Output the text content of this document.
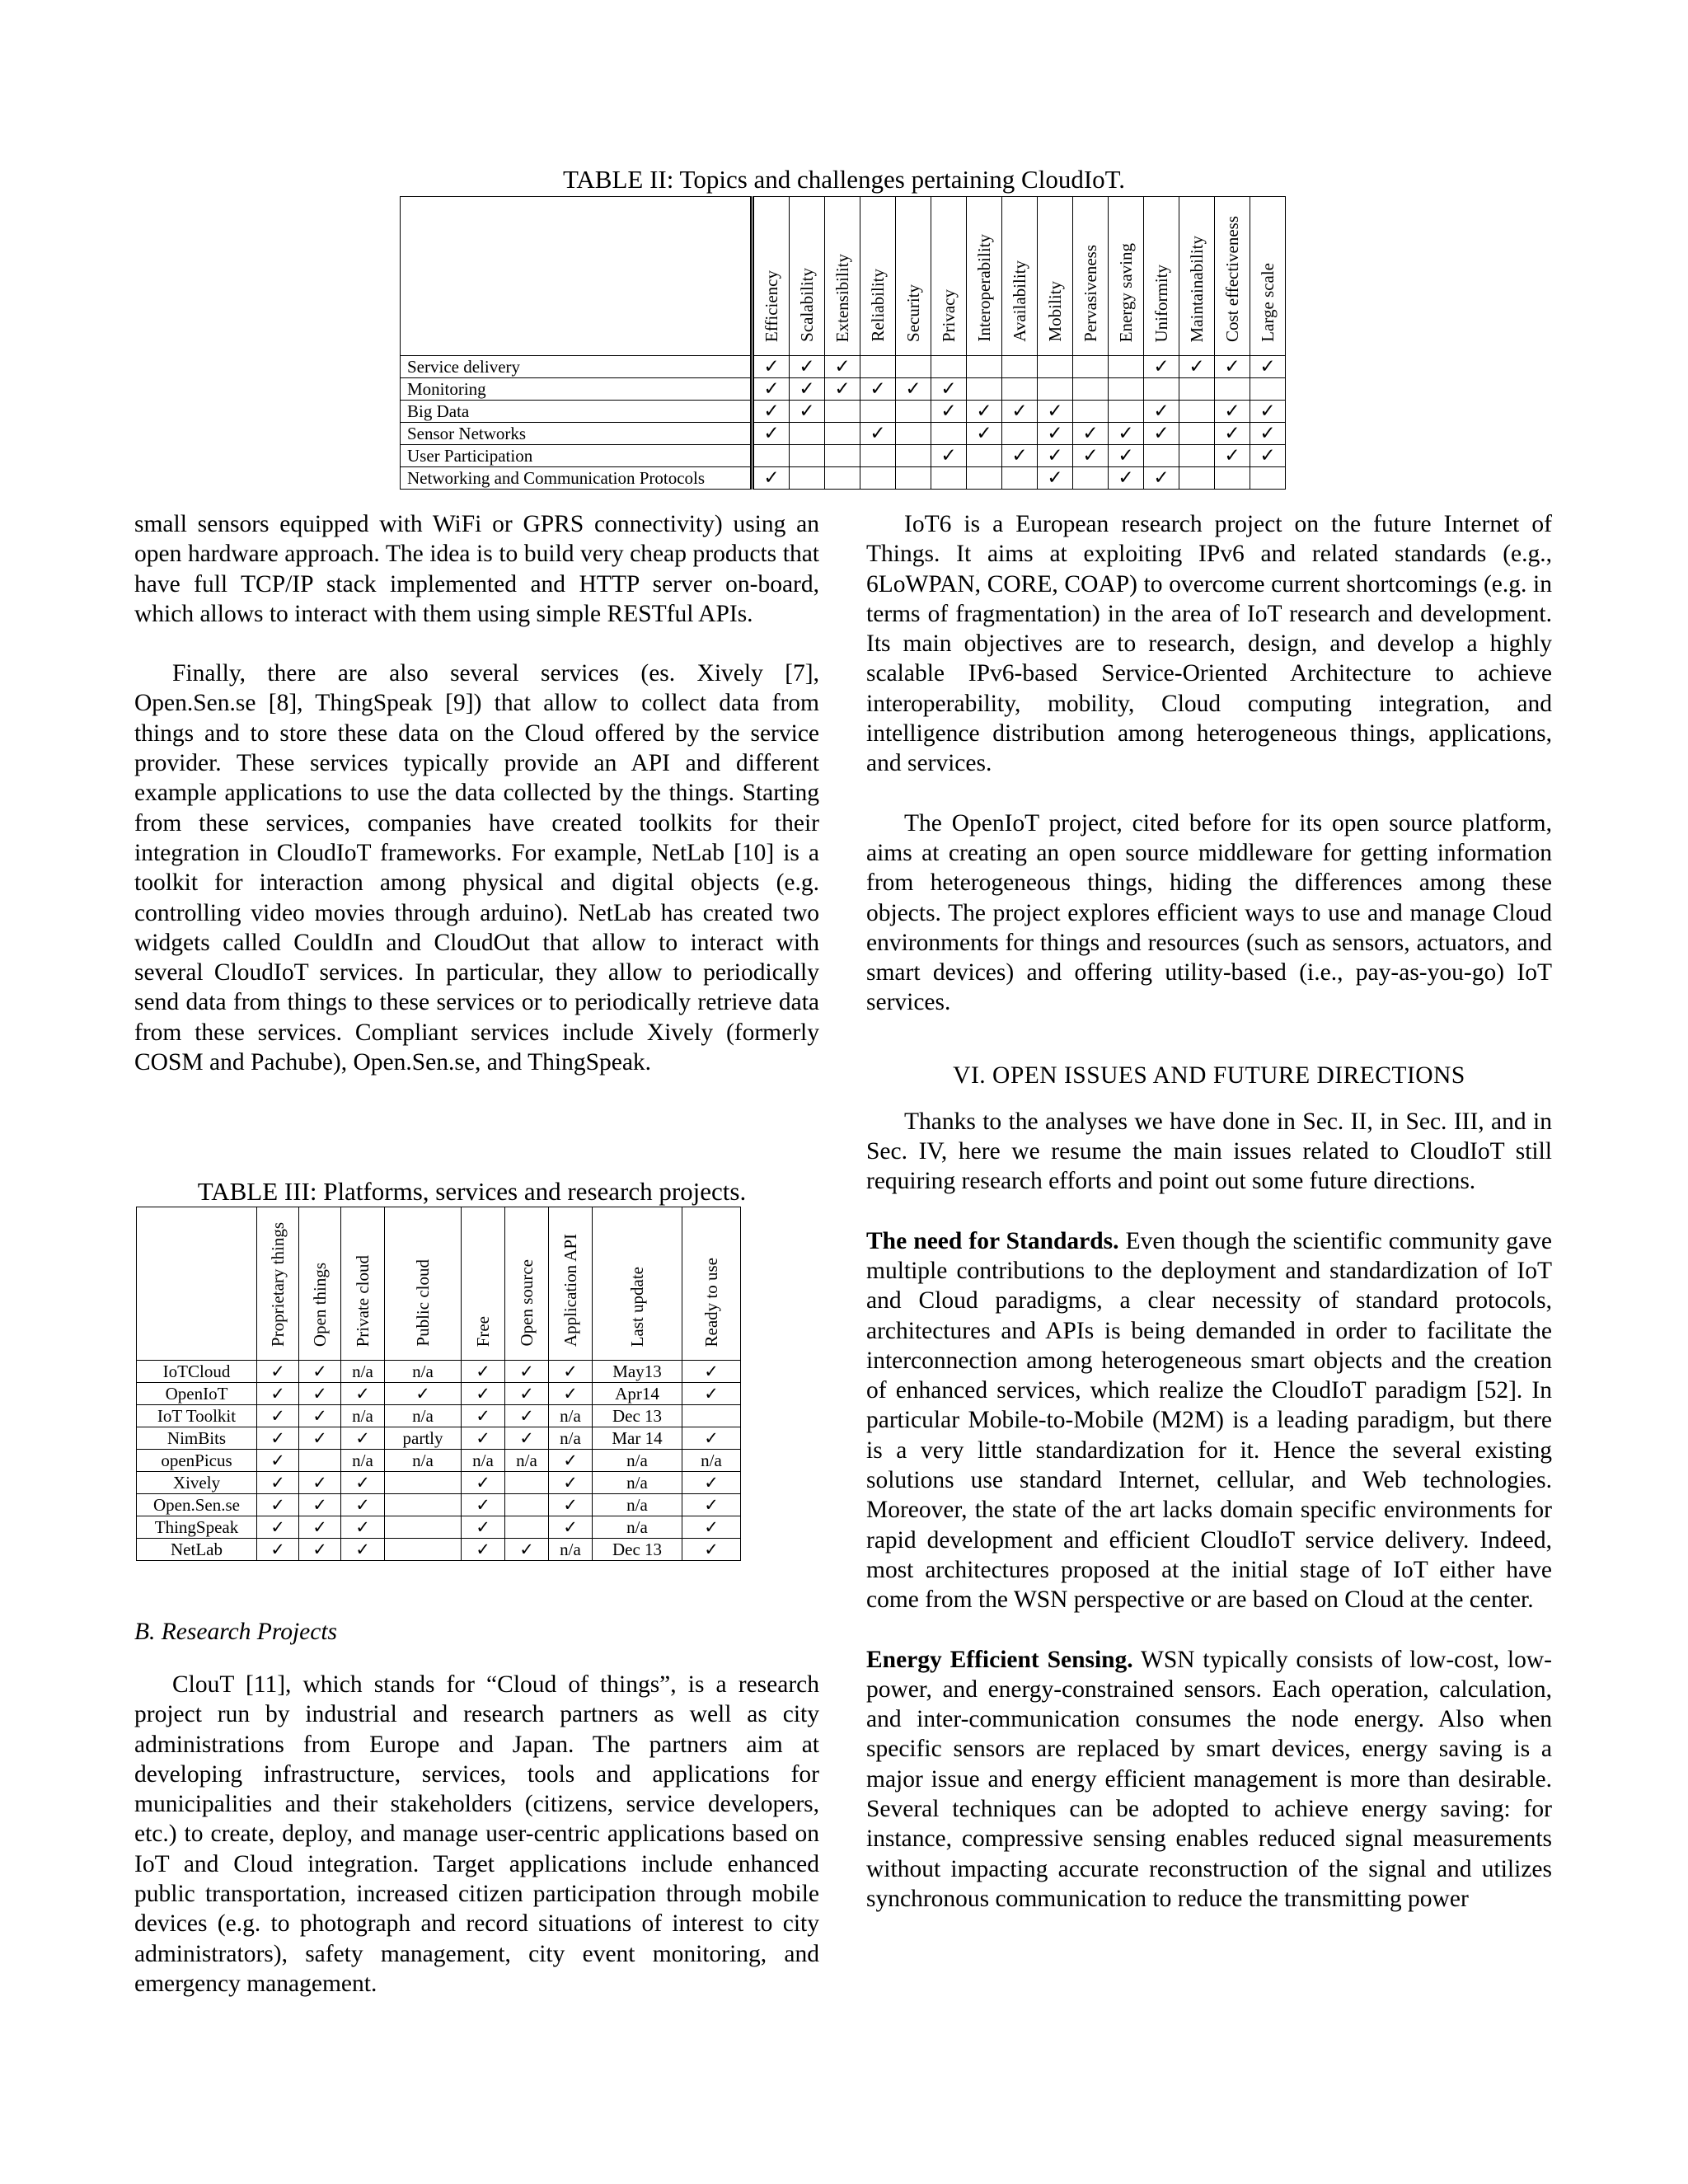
TABLE II: Topics and challenges pertaining CloudIoT.
	Efficiency	Scalability	Extensibility	Reliability	Security	Privacy	Interoperability	Availability	Mobility	Pervasiveness	Energy saving	Uniformity	Maintainability	Cost effectiveness	Large scale
Service delivery	✓	✓	✓									✓	✓	✓	✓
Monitoring	✓	✓	✓	✓	✓	✓									
Big Data	✓	✓				✓	✓	✓	✓			✓		✓	✓
Sensor Networks	✓			✓			✓		✓	✓	✓	✓		✓	✓
User Participation						✓		✓	✓	✓	✓			✓	✓
Networking and Communication Protocols	✓								✓		✓	✓			
TABLE III: Platforms, services and research projects.
	Proprietary things	Open things	Private cloud	Public cloud	Free	Open source	Application API	Last update	Ready to use
IoTCloud	✓	✓	n/a	n/a	✓	✓	✓	May13	✓
OpenIoT	✓	✓	✓	✓	✓	✓	✓	Apr14	✓
IoT Toolkit	✓	✓	n/a	n/a	✓	✓	n/a	Dec 13	
NimBits	✓	✓	✓	partly	✓	✓	n/a	Mar 14	✓
openPicus	✓		n/a	n/a	n/a	n/a	✓	n/a	n/a
Xively	✓	✓	✓		✓		✓	n/a	✓
Open.Sen.se	✓	✓	✓		✓		✓	n/a	✓
ThingSpeak	✓	✓	✓		✓		✓	n/a	✓
NetLab	✓	✓	✓		✓	✓	n/a	Dec 13	✓

small sensors equipped with WiFi or GPRS connectivity) using an open hardware approach. The idea is to build very cheap products that have full TCP/IP stack implemented and HTTP server on-board, which allows to interact with them using simple RESTful APIs.

Finally, there are also several services (es. Xively [7], Open.Sen.se [8], ThingSpeak [9]) that allow to collect data from things and to store these data on the Cloud offered by the service provider. These services typically provide an API and different example applications to use the data collected by the things. Starting from these services, companies have created toolkits for their integration in CloudIoT frameworks. For example, NetLab [10] is a toolkit for interaction among physical and digital objects (e.g. controlling video movies through arduino). NetLab has created two widgets called CouldIn and CloudOut that allow to interact with several CloudIoT services. In particular, they allow to periodically send data from things to these services or to periodically retrieve data from these services. Compliant services include Xively (formerly COSM and Pachube), Open.Sen.se, and ThingSpeak.

B. Research Projects

ClouT [11], which stands for “Cloud of things”, is a research project run by industrial and research partners as well as city administrations from Europe and Japan. The partners aim at developing infrastructure, services, tools and applications for municipalities and their stakeholders (citizens, service developers, etc.) to create, deploy, and manage user-centric applications based on IoT and Cloud integration. Target applications include enhanced public transportation, increased citizen participation through mobile devices (e.g. to photograph and record situations of interest to city administrators), safety management, city event monitoring, and emergency management.

IoT6 is a European research project on the future Internet of Things. It aims at exploiting IPv6 and related standards (e.g., 6LoWPAN, CORE, COAP) to overcome current shortcomings (e.g. in terms of fragmentation) in the area of IoT research and development. Its main objectives are to research, design, and develop a highly scalable IPv6-based Service-Oriented Architecture to achieve interoperability, mobility, Cloud computing integration, and intelligence distribution among heterogeneous things, applications, and services.

The OpenIoT project, cited before for its open source platform, aims at creating an open source middleware for getting information from heterogeneous things, hiding the differences among these objects. The project explores efficient ways to use and manage Cloud environments for things and resources (such as sensors, actuators, and smart devices) and offering utility-based (i.e., pay-as-you-go) IoT services.

VI. OPEN ISSUES AND FUTURE DIRECTIONS

Thanks to the analyses we have done in Sec. II, in Sec. III, and in Sec. IV, here we resume the main issues related to CloudIoT still requiring research efforts and point out some future directions.

The need for Standards. Even though the scientific community gave multiple contributions to the deployment and standardization of IoT and Cloud paradigms, a clear necessity of standard protocols, architectures and APIs is being demanded in order to facilitate the interconnection among heterogeneous smart objects and the creation of enhanced services, which realize the CloudIoT paradigm [52]. In particular Mobile-to-Mobile (M2M) is a leading paradigm, but there is a very little standardization for it. Hence the several existing solutions use standard Internet, cellular, and Web technologies. Moreover, the state of the art lacks domain specific environments for rapid development and efficient CloudIoT service delivery. Indeed, most architectures proposed at the initial stage of IoT either have come from the WSN perspective or are based on Cloud at the center.

Energy Efficient Sensing. WSN typically consists of low-cost, low-power, and energy-constrained sensors. Each operation, calculation, and inter-communication consumes the node energy. Also when specific sensors are replaced by smart devices, energy saving is a major issue and energy efficient management is more than desirable. Several techniques can be adopted to achieve energy saving: for instance, compressive sensing enables reduced signal measurements without impacting accurate reconstruction of the signal and utilizes synchronous communication to reduce the transmitting power
